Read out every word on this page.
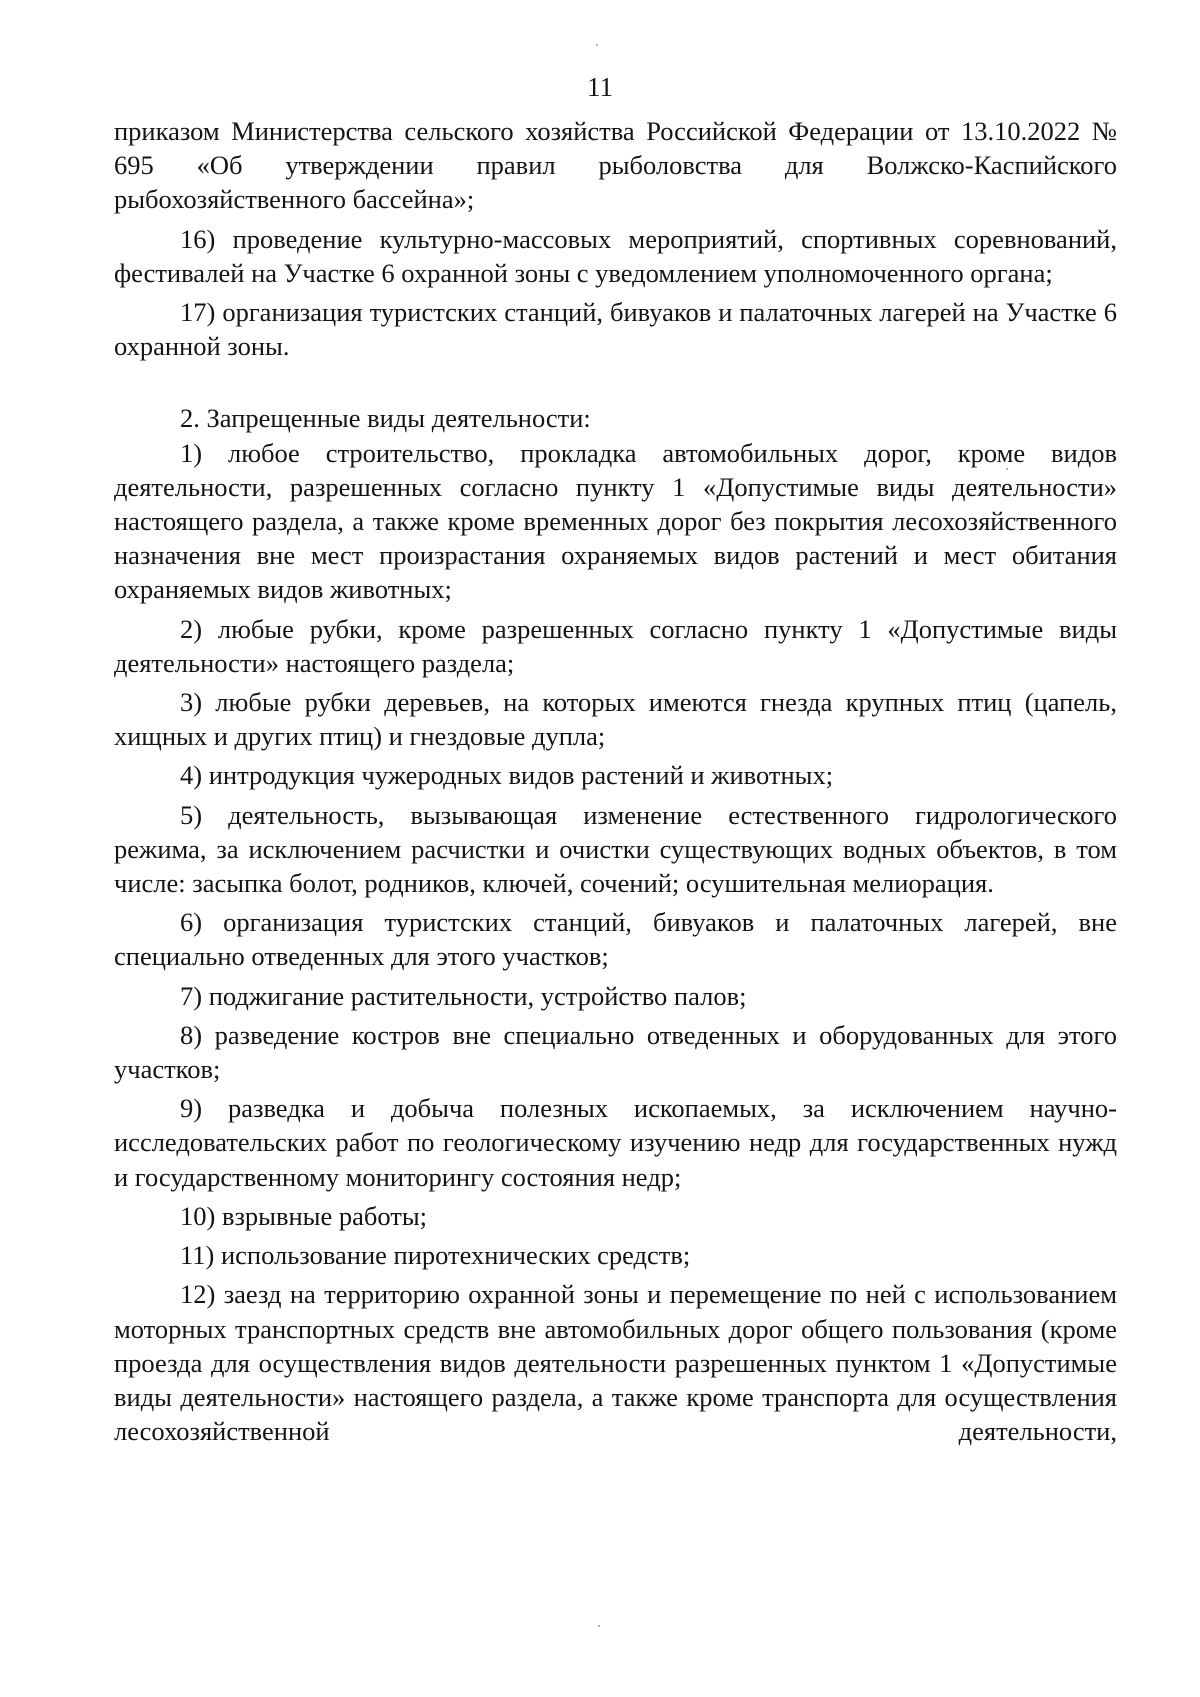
11

приказом Министерства сельского хозяйства Российской Федерации от 13.10.2022 № 695 «Об утверждении правил рыболовства для Волжско-Каспийского рыбохозяйственного бассейна»;

16) проведение культурно-массовых мероприятий, спортивных соревнований, фестивалей на Участке 6 охранной зоны с уведомлением уполномоченного органа;

17) организация туристских станций, бивуаков и палаточных лагерей на Участке 6 охранной зоны.

2. Запрещенные виды деятельности:

1) любое строительство, прокладка автомобильных дорог, кроме видов деятельности, разрешенных согласно пункту 1 «Допустимые виды деятельности» настоящего раздела, а также кроме временных дорог без покрытия лесохозяйственного назначения вне мест произрастания охраняемых видов растений и мест обитания охраняемых видов животных;

2) любые рубки, кроме разрешенных согласно пункту 1 «Допустимые виды деятельности» настоящего раздела;

3) любые рубки деревьев, на которых имеются гнезда крупных птиц (цапель, хищных и других птиц) и гнездовые дупла;

4) интродукция чужеродных видов растений и животных;

5) деятельность, вызывающая изменение естественного гидрологического режима, за исключением расчистки и очистки существующих водных объектов, в том числе: засыпка болот, родников, ключей, сочений; осушительная мелиорация.

6) организация туристских станций, бивуаков и палаточных лагерей, вне специально отведенных для этого участков;

7) поджигание растительности, устройство палов;

8) разведение костров вне специально отведенных и оборудованных для этого участков;

9) разведка и добыча полезных ископаемых, за исключением научно-исследовательских работ по геологическому изучению недр для государственных нужд и государственному мониторингу состояния недр;

10) взрывные работы;

11) использование пиротехнических средств;

12) заезд на территорию охранной зоны и перемещение по ней с использованием моторных транспортных средств вне автомобильных дорог общего пользования (кроме проезда для осуществления видов деятельности разрешенных пунктом 1 «Допустимые виды деятельности» настоящего раздела, а также кроме транспорта для осуществления лесохозяйственной деятельности,
